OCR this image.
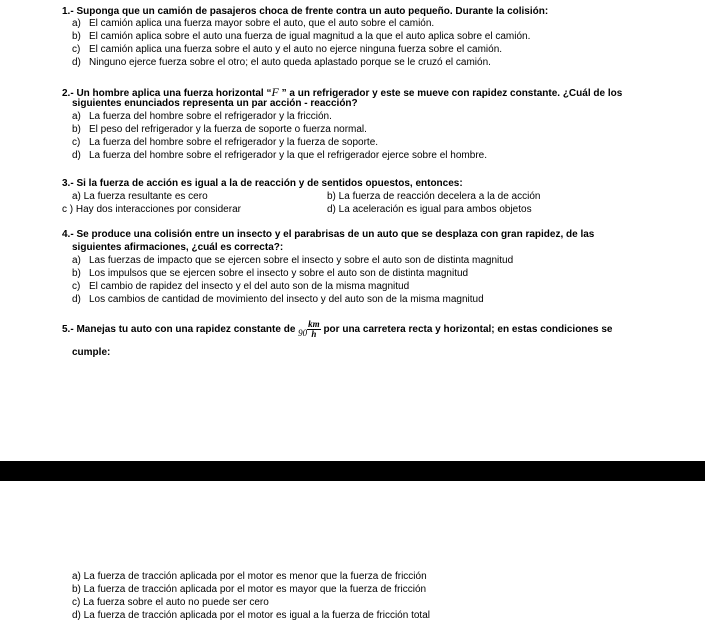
1.- Suponga que un camión de pasajeros choca de frente contra un auto pequeño. Durante la colisión:
a) El camión aplica una fuerza mayor sobre el auto, que el auto sobre el camión.
b) El camión aplica sobre el auto una fuerza de igual magnitud a la que el auto aplica sobre el camión.
c) El camión aplica una fuerza sobre el auto y el auto no ejerce ninguna fuerza sobre el camión.
d) Ninguno ejerce fuerza sobre el otro; el auto queda aplastado porque se le cruzó el camión.
2.- Un hombre aplica una fuerza horizontal “F ” a un refrigerador y este se mueve con rapidez constante. ¿Cuál de los
siguientes enunciados representa un par acción - reacción?
a) La fuerza del hombre sobre el refrigerador y la fricción.
b) El peso del refrigerador y la fuerza de soporte o fuerza normal.
c) La fuerza del hombre sobre el refrigerador y la fuerza de soporte.
d) La fuerza del hombre sobre el refrigerador y la que el refrigerador ejerce sobre el hombre.
3.- Si la fuerza de acción es igual a la de reacción y de sentidos opuestos, entonces:
a) La fuerza resultante es cero	b) La fuerza de reacción decelera a la de acción
c ) Hay dos interacciones por considerar	d) La aceleración es igual para ambos objetos
4.- Se produce una colisión entre un insecto y el parabrisas de un auto que se desplaza con gran rapidez, de las
siguientes afirmaciones, ¿cuál es correcta?:
a) Las fuerzas de impacto que se ejercen sobre el insecto y sobre el auto son de distinta magnitud
b) Los impulsos que se ejercen sobre el insecto y sobre el auto son de distinta magnitud
c) El cambio de rapidez del insecto y el del auto son de la misma magnitud
d) Los cambios de cantidad de movimiento del insecto y del auto son de la misma magnitud
5.- Manejas tu auto con una rapidez constante de $90 \frac{km}{h}$ por una carretera recta y horizontal; en estas condiciones se
cumple:
a) La fuerza de tracción aplicada por el motor es menor que la fuerza de fricción
b) La fuerza de tracción aplicada por el motor es mayor que la fuerza de fricción
c) La fuerza sobre el auto no puede ser cero
d) La fuerza de tracción aplicada por el motor es igual a la fuerza de fricción total
